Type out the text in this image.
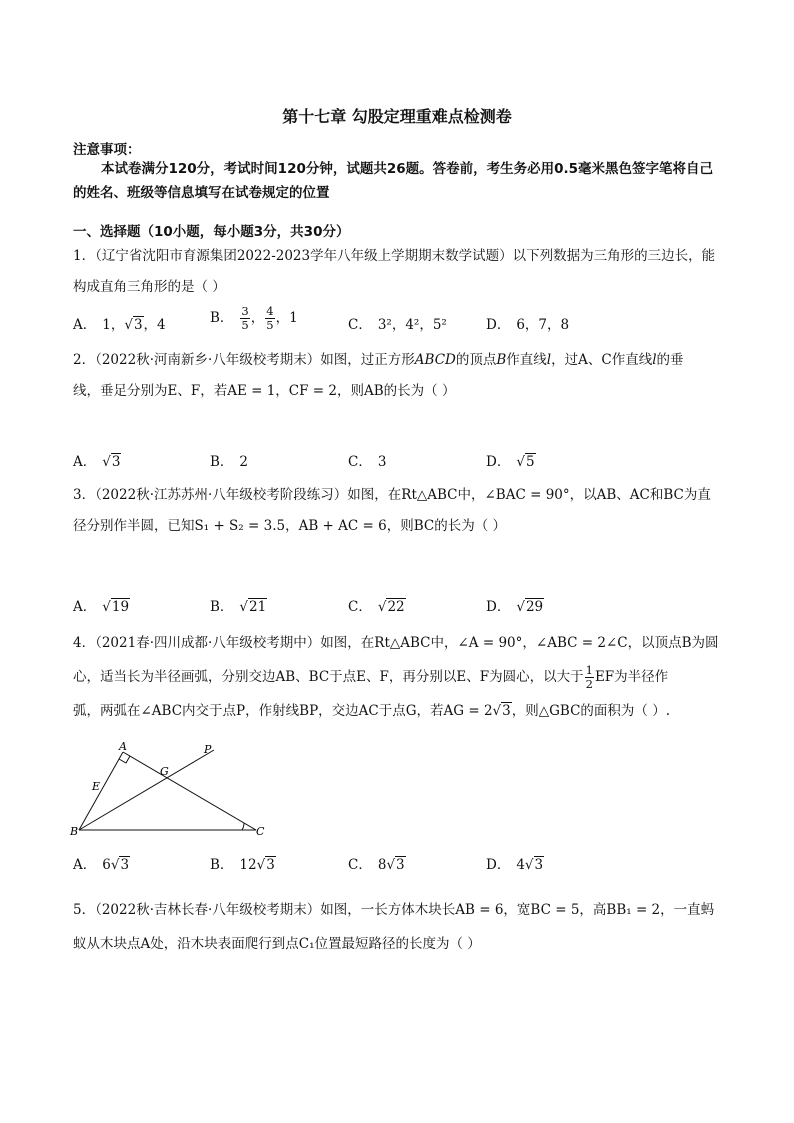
第十七章 勾股定理重难点检测卷
注意事项：
本试卷满分120分，考试时间120分钟，试题共26题。答卷前，考生务必用0.5毫米黑色签字笔将自己的姓名、班级等信息填写在试卷规定的位置
一、选择题（10小题，每小题3分，共30分）
1．（辽宁省沈阳市育源集团2022-2023学年八年级上学期期末数学试题）以下列数据为三角形的三边长，能
构成直角三角形的是（ ）
A． 1，√3，4	B． $\frac{3}{5}$ ， $\frac{4}{5}$ ，1	C． 3²，4²，5²	D． 6，7，8
2．（2022秋·河南新乡·八年级校考期末）如图，过正方形ABCD的顶点B作直线l，过A、C作直线l的垂
线，垂足分别为E、F，若AE = 1，CF = 2，则AB的长为（ ）
A． √3	B． 2	C． 3	D． √5
3．（2022秋·江苏苏州·八年级校考阶段练习）如图，在Rt△ABC中，∠BAC = 90°，以AB、AC和BC为直
径分别作半圆，已知S₁ + S₂ = 3.5，AB + AC = 6，则BC的长为（ ）
A． √19	B． √21	C． √22	D． √29
4．（2021春·四川成都·八年级校考期中）如图，在Rt△ABC中，∠A = 90°，∠ABC = 2∠C，以顶点B为圆
心，适当长为半径画弧，分别交边AB、BC于点E、F，再分别以E、F为圆心，以大于 $\frac{1}{2}$ EF为半径作
弧，两弧在∠ABC内交于点P，作射线BP，交边AC于点G，若AG = 2√3，则△GBC的面积为（ ）.
A	P
G
E
B	C
A． 6√3	B． 12√3	C． 8√3	D． 4√3
5．（2022秋·吉林长春·八年级校考期末）如图，一长方体木块长AB = 6，宽BC = 5，高BB₁ = 2，一直蚂
蚁从木块点A处，沿木块表面爬行到点C₁位置最短路径的长度为（ ）
